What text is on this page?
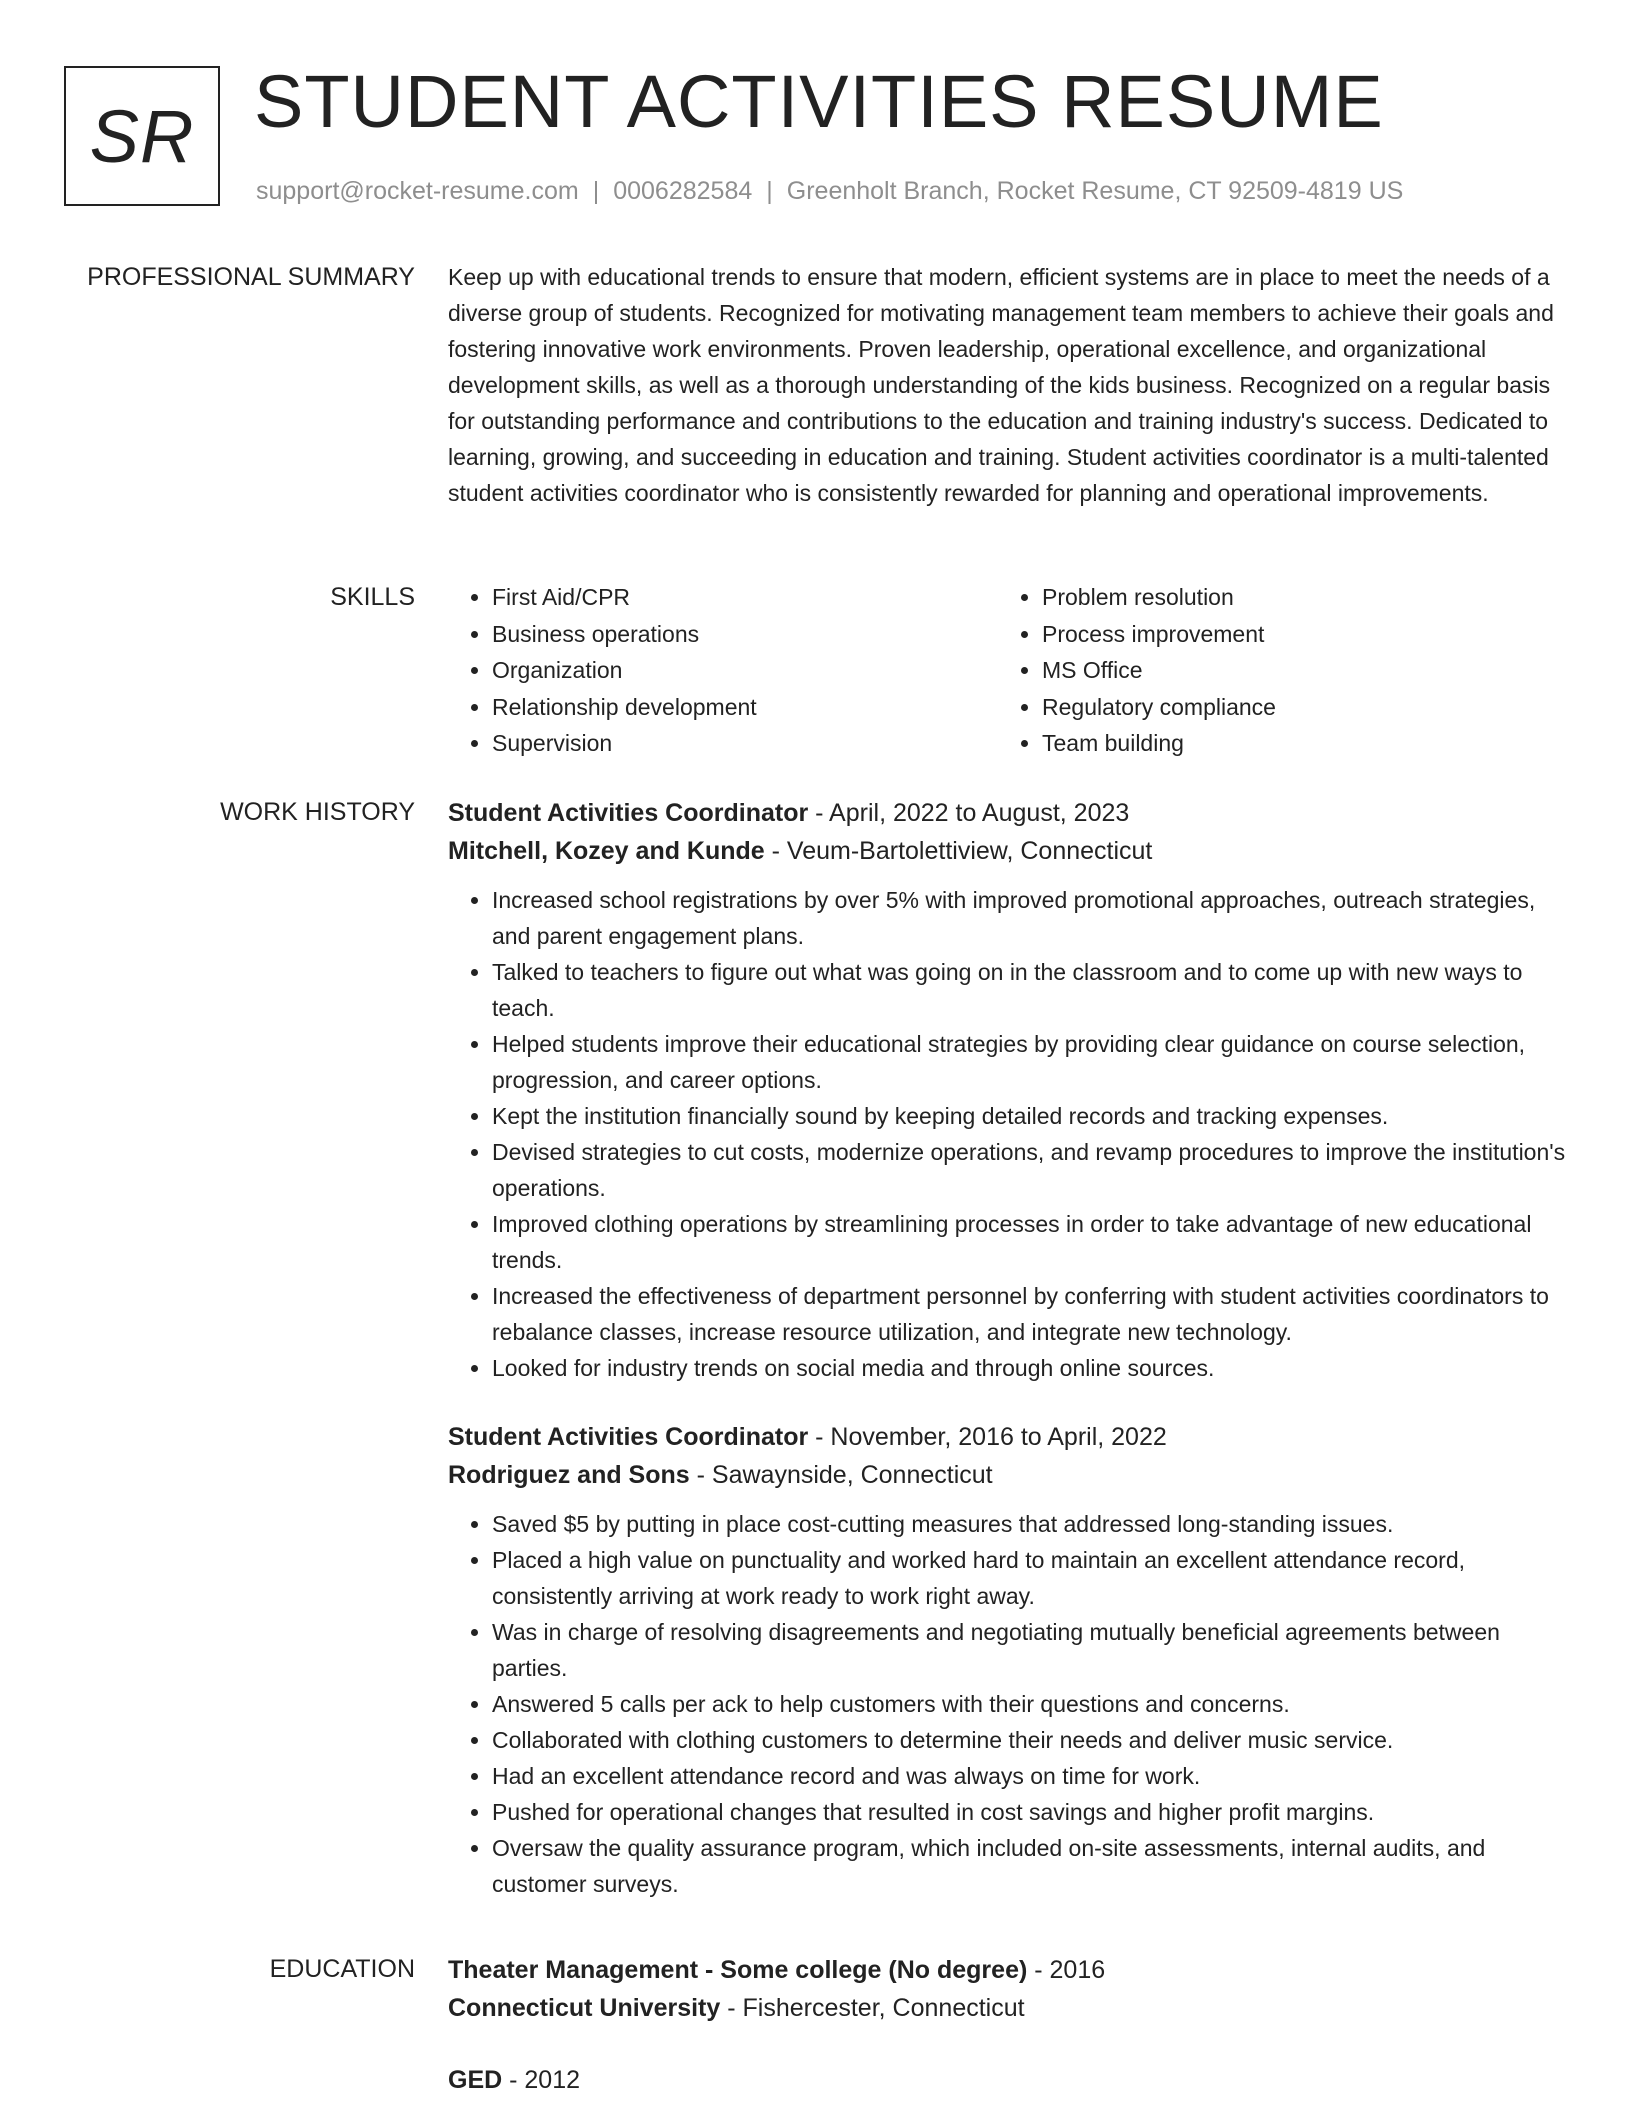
SR STUDENT ACTIVITIES RESUME
support@rocket-resume.com | 0006282584 | Greenholt Branch, Rocket Resume, CT 92509-4819 US
PROFESSIONAL SUMMARY Keep up with educational trends to ensure that modern, efficient systems are in place to meet the needs of a diverse group of students. Recognized for motivating management team members to achieve their goals and fostering innovative work environments. Proven leadership, operational excellence, and organizational development skills, as well as a thorough understanding of the kids business. Recognized on a regular basis for outstanding performance and contributions to the education and training industry's success. Dedicated to learning, growing, and succeeding in education and training. Student activities coordinator is a multi-talented student activities coordinator who is consistently rewarded for planning and operational improvements.

SKILLS
•	First Aid/CPR
• Business operations
• Organization
• Relationship development
• Supervision
• Problem resolution
• Process improvement
• MS Office
• Regulatory compliance
• Team building
WORK HISTORY Student Activities Coordinator - April, 2022 to August, 2023
Mitchell, Kozey and Kunde - Veum-Bartolettiview, Connecticut
• Increased school registrations by over 5% with improved promotional approaches, outreach strategies, and parent engagement plans.
• Talked to teachers to figure out what was going on in the classroom and to come up with new ways to teach.
• Helped students improve their educational strategies by providing clear guidance on course selection, progression, and career options.
• Kept the institution financially sound by keeping detailed records and tracking expenses.
• Devised strategies to cut costs, modernize operations, and revamp procedures to improve the institution's operations.
• Improved clothing operations by streamlining processes in order to take advantage of new educational trends.
• Increased the effectiveness of department personnel by conferring with student activities coordinators to rebalance classes, increase resource utilization, and integrate new technology.
• Looked for industry trends on social media and through online sources.
Student Activities Coordinator - November, 2016 to April, 2022
Rodriguez and Sons - Sawaynside, Connecticut
• Saved $5 by putting in place cost-cutting measures that addressed long-standing issues.
• Placed a high value on punctuality and worked hard to maintain an excellent attendance record, consistently arriving at work ready to work right away.
• Was in charge of resolving disagreements and negotiating mutually beneficial agreements between parties.
• Answered 5 calls per ack to help customers with their questions and concerns.
• Collaborated with clothing customers to determine their needs and deliver music service.
• Had an excellent attendance record and was always on time for work.
• Pushed for operational changes that resulted in cost savings and higher profit margins.
• Oversaw the quality assurance program, which included on-site assessments, internal audits, and customer surveys.
EDUCATION Theater Management - Some college (No degree) - 2016
Connecticut University - Fishercester, Connecticut
GED - 2012
